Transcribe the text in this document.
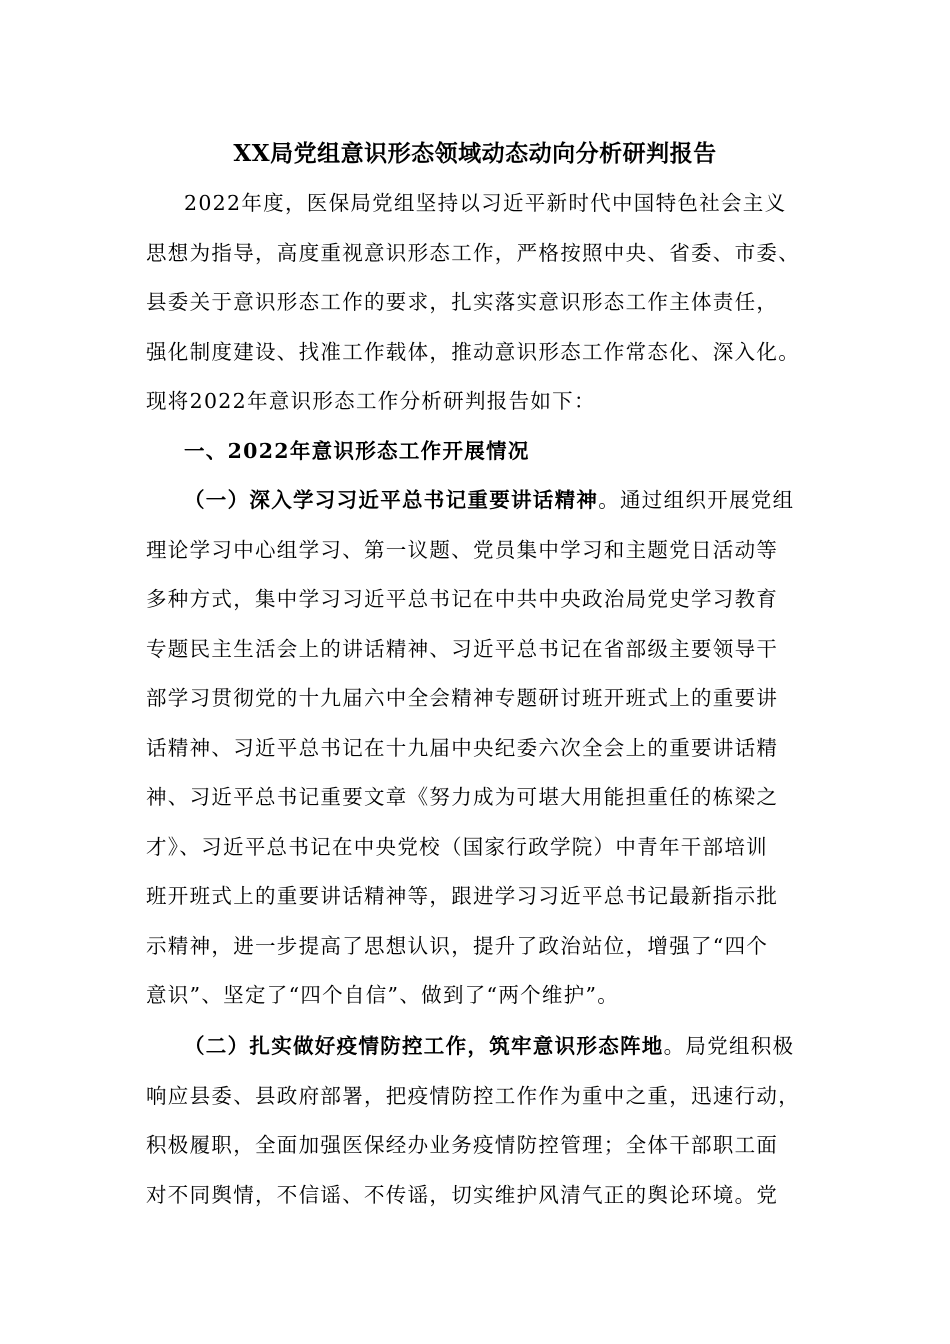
XX局党组意识形态领域动态动向分析研判报告
2022年度，医保局党组坚持以习近平新时代中国特色社会主义
思想为指导，高度重视意识形态工作，严格按照中央、省委、市委、
县委关于意识形态工作的要求，扎实落实意识形态工作主体责任，
强化制度建设、找准工作载体，推动意识形态工作常态化、深入化。
现将2022年意识形态工作分析研判报告如下：
一、2022年意识形态工作开展情况
（一）深入学习习近平总书记重要讲话精神。通过组织开展党组
理论学习中心组学习、第一议题、党员集中学习和主题党日活动等
多种方式，集中学习习近平总书记在中共中央政治局党史学习教育
专题民主生活会上的讲话精神、习近平总书记在省部级主要领导干
部学习贯彻党的十九届六中全会精神专题研讨班开班式上的重要讲
话精神、习近平总书记在十九届中央纪委六次全会上的重要讲话精
神、习近平总书记重要文章《努力成为可堪大用能担重任的栋梁之
才》、习近平总书记在中央党校（国家行政学院）中青年干部培训
班开班式上的重要讲话精神等，跟进学习习近平总书记最新指示批
示精神，进一步提高了思想认识，提升了政治站位，增强了“四个
意识”、坚定了“四个自信”、做到了“两个维护”。
（二）扎实做好疫情防控工作，筑牢意识形态阵地。局党组积极
响应县委、县政府部署，把疫情防控工作作为重中之重，迅速行动，
积极履职，全面加强医保经办业务疫情防控管理；全体干部职工面
对不同舆情，不信谣、不传谣，切实维护风清气正的舆论环境。党
